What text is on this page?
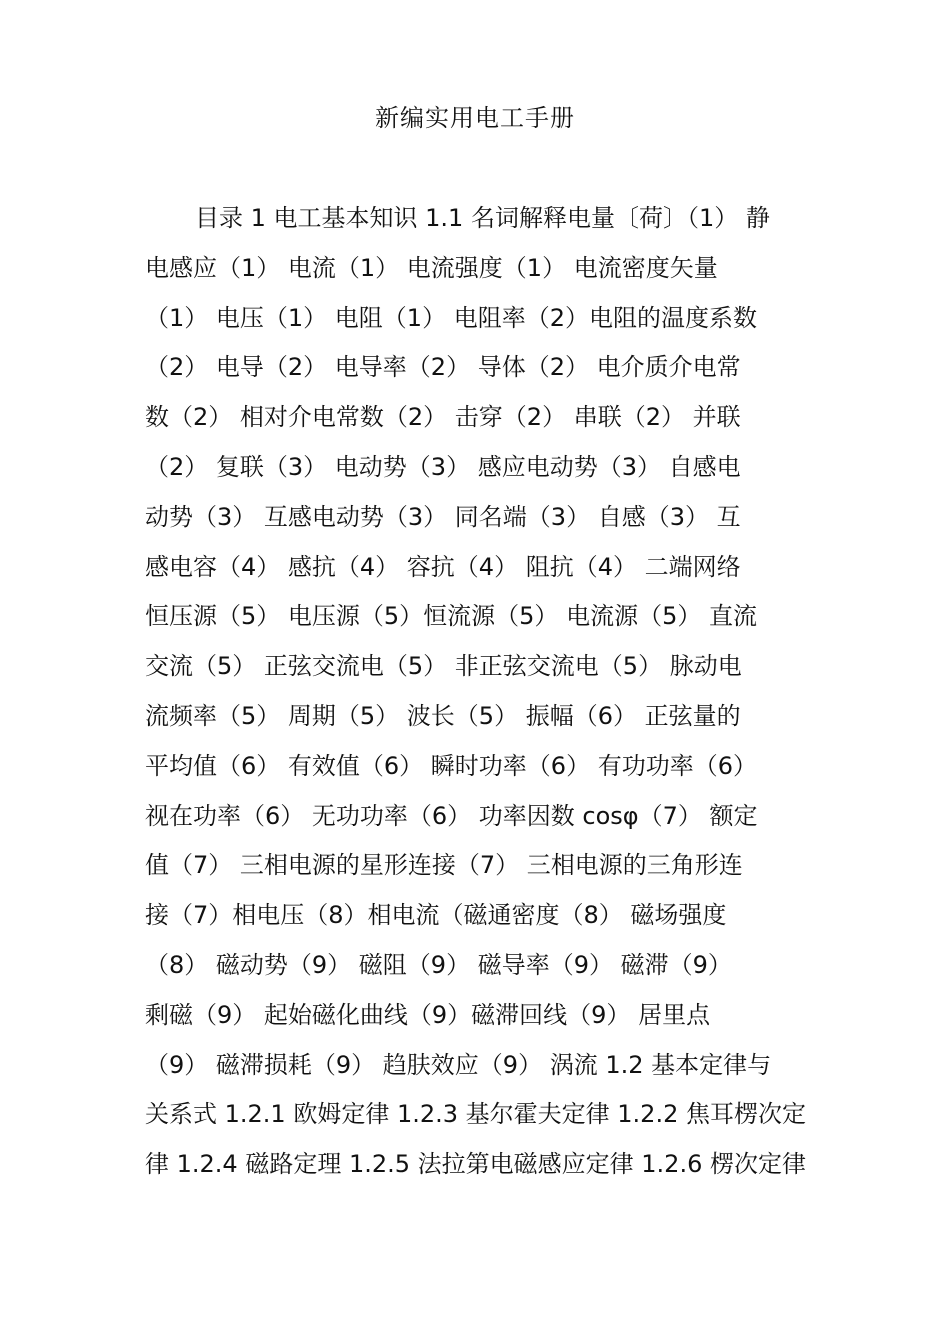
新编实用电工手册
目录 1 电工基本知识 1.1 名词解释电量〔荷〕（1） 静
电感应（1） 电流（1） 电流强度（1） 电流密度矢量
（1） 电压（1） 电阻（1） 电阻率（2）电阻的温度系数
（2） 电导（2） 电导率（2） 导体（2） 电介质介电常
数（2） 相对介电常数（2） 击穿（2） 串联（2） 并联
（2） 复联（3） 电动势（3） 感应电动势（3） 自感电
动势（3） 互感电动势（3） 同名端（3） 自感（3） 互
感电容（4） 感抗（4） 容抗（4） 阻抗（4） 二端网络
恒压源（5） 电压源（5）恒流源（5） 电流源（5） 直流
交流（5） 正弦交流电（5） 非正弦交流电（5） 脉动电
流频率（5） 周期（5） 波长（5） 振幅（6） 正弦量的
平均值（6） 有效值（6） 瞬时功率（6） 有功功率（6）
视在功率（6） 无功功率（6） 功率因数 cosφ（7） 额定
值（7） 三相电源的星形连接（7） 三相电源的三角形连
接（7）相电压（8）相电流（磁通密度（8） 磁场强度
（8） 磁动势（9） 磁阻（9） 磁导率（9） 磁滞（9）
剩磁（9） 起始磁化曲线（9）磁滞回线（9） 居里点
（9） 磁滞损耗（9） 趋肤效应（9） 涡流 1.2 基本定律与
关系式 1.2.1 欧姆定律 1.2.3 基尔霍夫定律 1.2.2 焦耳楞次定
律 1.2.4 磁路定理 1.2.5 法拉第电磁感应定律 1.2.6 楞次定律
